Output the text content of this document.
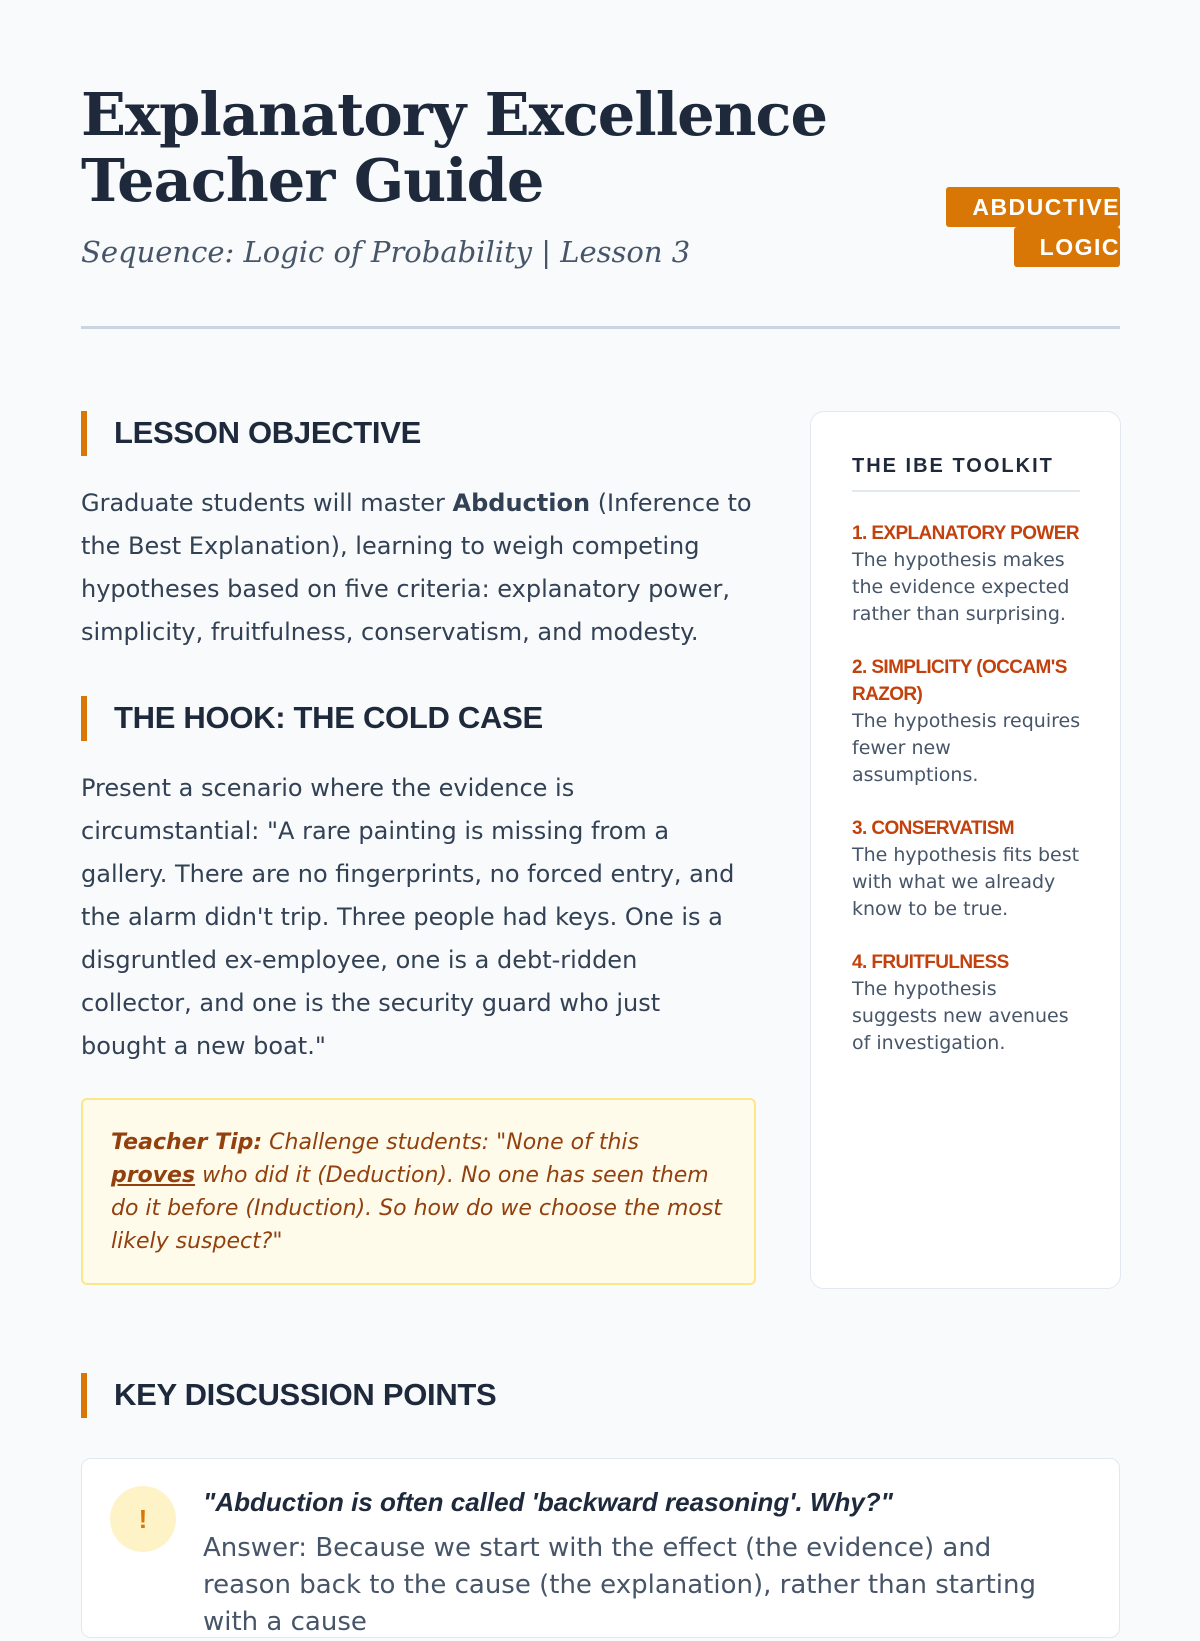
Explanatory Excellence
Teacher Guide

Sequence: Logic of Probability | Lesson 3

ABDUCTIVE LOGIC
LESSON OBJECTIVE

Graduate students will master Abduction (Inference to the Best Explanation), learning to weigh competing hypotheses based on five criteria: explanatory power, simplicity, fruitfulness, conservatism, and modesty.

THE HOOK: THE COLD CASE

Present a scenario where the evidence is circumstantial: "A rare painting is missing from a gallery. There are no fingerprints, no forced entry, and the alarm didn't trip. Three people had keys. One is a disgruntled ex-employee, one is a debt-ridden collector, and one is the security guard who just bought a new boat."

Teacher Tip: Challenge students: "None of this proves who did it (Deduction). No one has seen them do it before (Induction). So how do we choose the most likely suspect?"
THE IBE TOOLKIT
1. EXPLANATORY POWER
The hypothesis makes the evidence expected rather than surprising.
2. SIMPLICITY (OCCAM'S RAZOR)
The hypothesis requires fewer new assumptions.
3. CONSERVATISM
The hypothesis fits best with what we already know to be true.
4. FRUITFULNESS
The hypothesis suggests new avenues of investigation.
KEY DISCUSSION POINTS
!

"Abduction is often called 'backward reasoning'. Why?"

Answer: Because we start with the effect (the evidence) and reason back to the cause (the explanation), rather than starting with a cause
